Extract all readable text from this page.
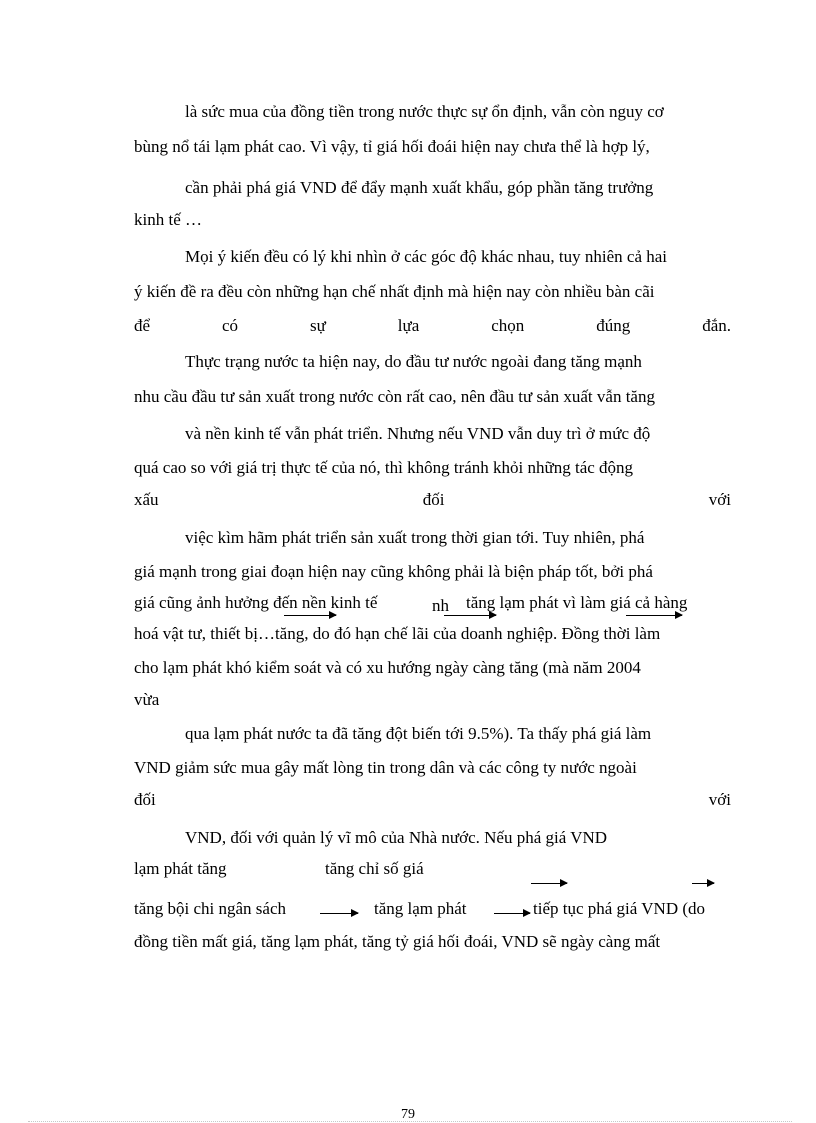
là sức mua của đồng tiền trong nước thực sự ổn định, vẫn còn nguy cơ
bùng nổ tái lạm phát cao. Vì vậy, tỉ giá hối đoái hiện nay chưa thể là hợp lý,
cần phải phá giá VND để đẩy mạnh xuất khẩu, góp phần tăng trưởng
kinh tế …
Mọi ý kiến đều có lý khi nhìn ở các góc độ khác nhau, tuy nhiên cả hai
ý kiến đề ra đều còn những hạn chế nhất định mà hiện nay còn nhiều bàn cãi
để	có	sự	lựa	chọn	đúng	đắn.
Thực trạng nước ta hiện nay, do đầu tư nước ngoài đang tăng mạnh
nhu cầu đầu tư sản xuất trong nước còn rất cao, nên đầu tư sản xuất vẫn tăng
và nền kinh tế vẫn phát triển. Nhưng nếu VND vẫn duy trì ở mức độ
quá cao so với giá trị thực tế của nó, thì không tránh khỏi những tác động
xấu	đối	với
việc kìm hãm phát triển sản xuất trong thời gian tới. Tuy nhiên, phá
giá mạnh trong giai đoạn hiện nay cũng không phải là biện pháp tốt, bởi phá
giá cũng ảnh hưởng đến nền kinh tế	nh tăng lạm phát vì làm giá cả hàng
hoá vật tư, thiết bị…tăng, do đó hạn chế lãi của doanh nghiệp. Đồng thời làm
cho lạm phát khó kiểm soát và có xu hướng ngày càng tăng (mà năm 2004
vừa
qua lạm phát nước ta đã tăng đột biến tới 9.5%). Ta thấy phá giá làm
VND giảm sức mua gây mất lòng tin trong dân và các công ty nước ngoài
đối	với
VND, đối với quản lý vĩ mô của Nhà nước. Nếu phá giá VND
lạm phát tăng	tăng chỉ số giá
tăng bội chi ngân sách	tăng lạm phát	tiếp tục phá giá VND (do
đồng tiền mất giá, tăng lạm phát, tăng tỷ giá hối đoái, VND sẽ ngày càng mất
79
